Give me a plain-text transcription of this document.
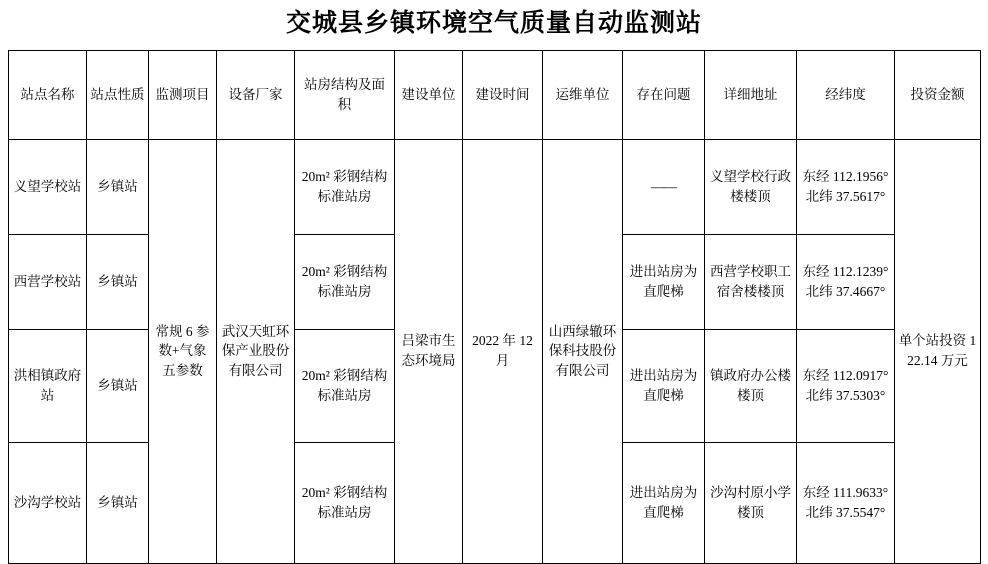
交城县乡镇环境空气质量自动监测站
站点名称	站点性质	监测项目	设备厂家	站房结构及面积	建设单位	建设时间	运维单位	存在问题	详细地址	经纬度	投资金额
义望学校站	乡镇站	常规 6 参数+气象五参数	武汉天虹环保产业股份有限公司	20m² 彩钢结构标准站房	吕梁市生态环境局	2022 年 12 月	山西绿辙环保科技股份有限公司	——	义望学校行政楼楼顶	东经 112.1956° 北纬 37.5617°	单个站投资 122.14 万元
西营学校站	乡镇站			20m² 彩钢结构标准站房				进出站房为直爬梯	西营学校职工宿舍楼楼顶	东经 112.1239° 北纬 37.4667°	
洪相镇政府站	乡镇站			20m² 彩钢结构标准站房				进出站房为直爬梯	镇政府办公楼楼顶	东经 112.0917° 北纬 37.5303°	
沙沟学校站	乡镇站			20m² 彩钢结构标准站房				进出站房为直爬梯	沙沟村原小学楼顶	东经 111.9633°北纬 37.5547°	
